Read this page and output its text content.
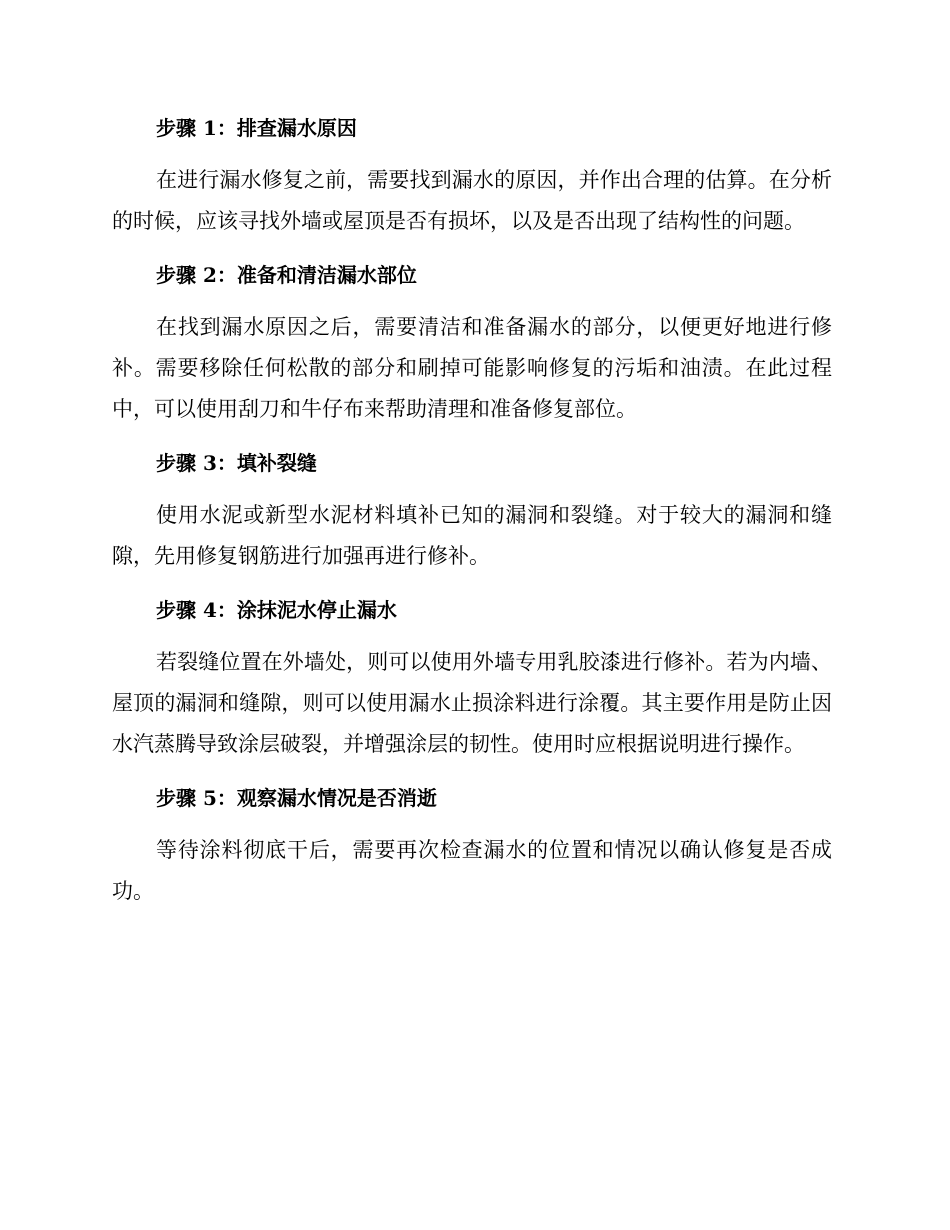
步骤 1：排查漏水原因

在进行漏水修复之前，需要找到漏水的原因，并作出合理的估算。在分析的时候，应该寻找外墙或屋顶是否有损坏，以及是否出现了结构性的问题。

步骤 2：准备和清洁漏水部位

在找到漏水原因之后，需要清洁和准备漏水的部分，以便更好地进行修补。需要移除任何松散的部分和刷掉可能影响修复的污垢和油渍。在此过程中，可以使用刮刀和牛仔布来帮助清理和准备修复部位。

步骤 3：填补裂缝

使用水泥或新型水泥材料填补已知的漏洞和裂缝。对于较大的漏洞和缝隙，先用修复钢筋进行加强再进行修补。

步骤 4：涂抹泥水停止漏水

若裂缝位置在外墙处，则可以使用外墙专用乳胶漆进行修补。若为内墙、屋顶的漏洞和缝隙，则可以使用漏水止损涂料进行涂覆。其主要作用是防止因水汽蒸腾导致涂层破裂，并增强涂层的韧性。使用时应根据说明进行操作。

步骤 5：观察漏水情况是否消逝

等待涂料彻底干后，需要再次检查漏水的位置和情况以确认修复是否成功。
